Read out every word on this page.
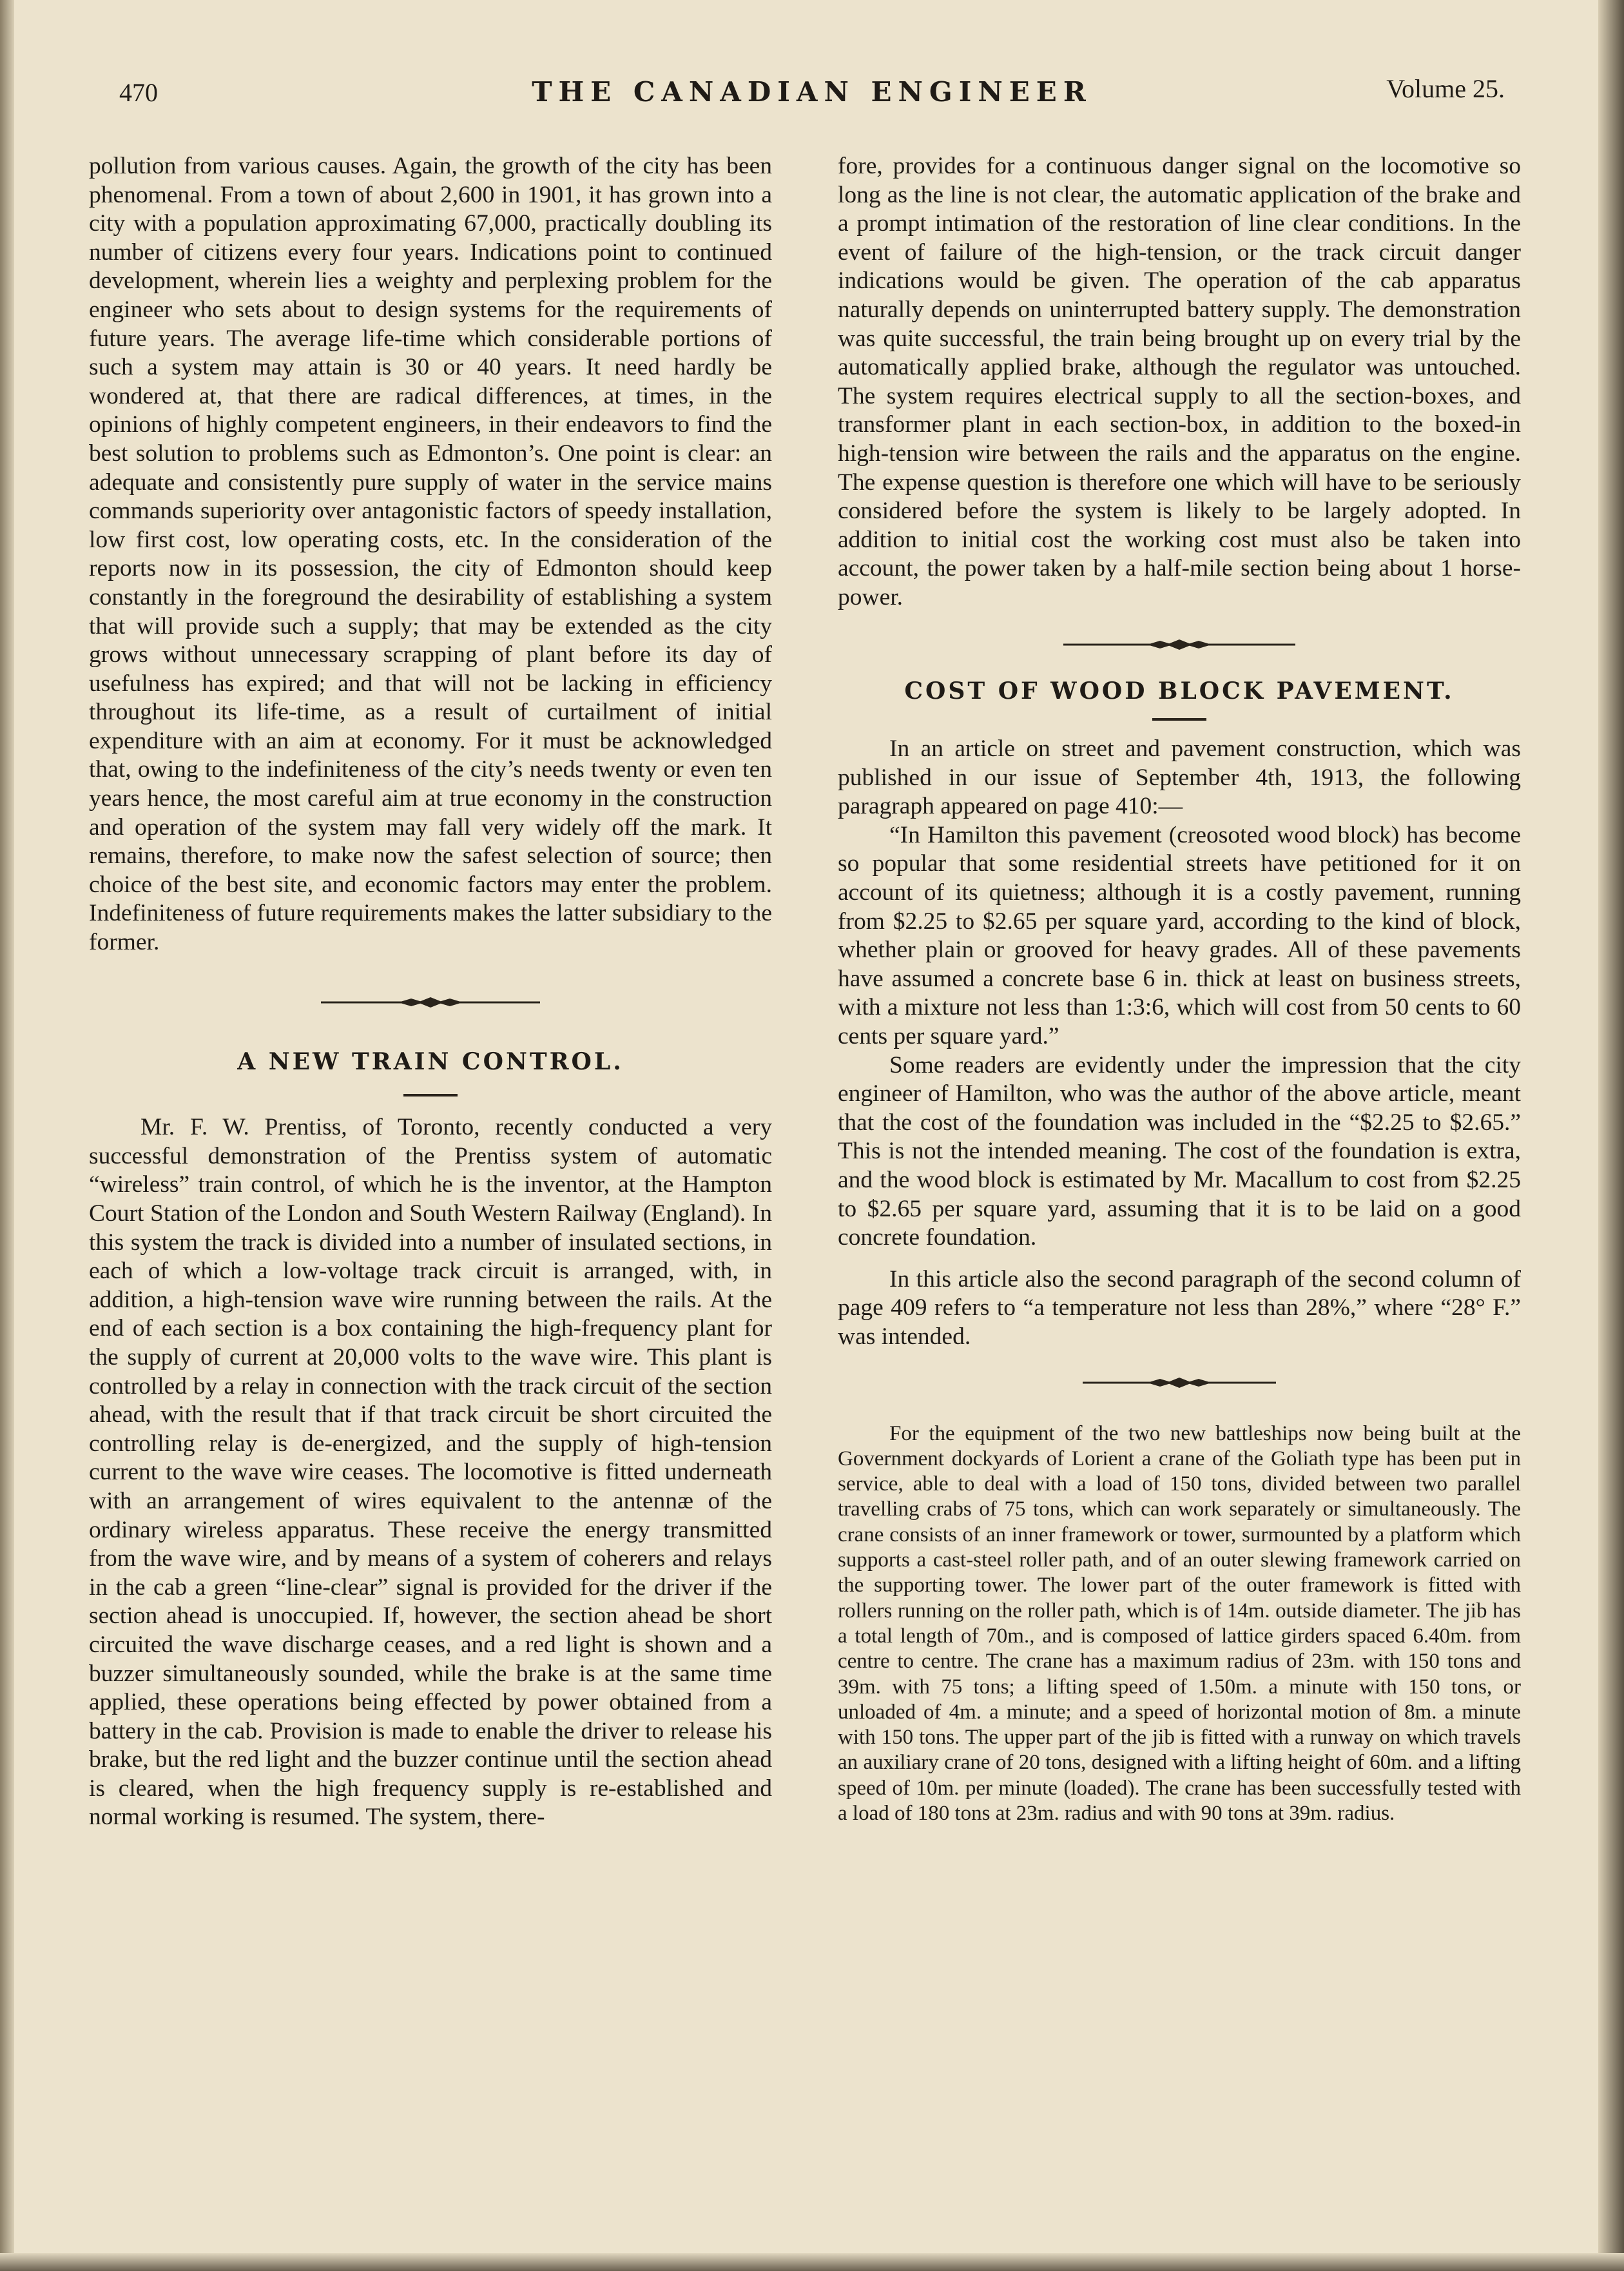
470	THE CANADIAN ENGINEER	Volume 25.

pollution from various causes. Again, the growth of the city has been phenomenal. From a town of about 2,600 in 1901, it has grown into a city with a population approximating 67,000, practically doubling its number of citizens every four years. Indications point to continued development, wherein lies a weighty and perplexing problem for the engineer who sets about to design systems for the requirements of future years. The average life-time which considerable portions of such a system may attain is 30 or 40 years. It need hardly be wondered at, that there are radical differences, at times, in the opinions of highly competent engineers, in their endeavors to find the best solution to problems such as Edmonton’s. One point is clear: an adequate and consistently pure supply of water in the service mains commands superiority over antagonistic factors of speedy installation, low first cost, low operating costs, etc. In the consideration of the reports now in its possession, the city of Edmonton should keep constantly in the foreground the desirability of establishing a system that will provide such a supply; that may be extended as the city grows without unnecessary scrapping of plant before its day of usefulness has expired; and that will not be lacking in efficiency throughout its life-time, as a result of curtailment of initial expenditure with an aim at economy. For it must be acknowledged that, owing to the indefiniteness of the city’s needs twenty or even ten years hence, the most careful aim at true economy in the construction and operation of the system may fall very widely off the mark. It remains, therefore, to make now the safest selection of source; then choice of the best site, and economic factors may enter the problem. Indefiniteness of future requirements makes the latter subsidiary to the former.

A NEW TRAIN CONTROL.

Mr. F. W. Prentiss, of Toronto, recently conducted a very successful demonstration of the Prentiss system of automatic “wireless” train control, of which he is the inventor, at the Hampton Court Station of the London and South Western Railway (England). In this system the track is divided into a number of insulated sections, in each of which a low-voltage track circuit is arranged, with, in addition, a high-tension wave wire running between the rails. At the end of each section is a box containing the high-frequency plant for the supply of current at 20,000 volts to the wave wire. This plant is controlled by a relay in connection with the track circuit of the section ahead, with the result that if that track circuit be short circuited the controlling relay is de-energized, and the supply of high-tension current to the wave wire ceases. The locomotive is fitted underneath with an arrangement of wires equivalent to the antennæ of the ordinary wireless apparatus. These receive the energy transmitted from the wave wire, and by means of a system of coherers and relays in the cab a green “line-clear” signal is provided for the driver if the section ahead is unoccupied. If, however, the section ahead be short circuited the wave discharge ceases, and a red light is shown and a buzzer simultaneously sounded, while the brake is at the same time applied, these operations being effected by power obtained from a battery in the cab. Provision is made to enable the driver to release his brake, but the red light and the buzzer continue until the section ahead is cleared, when the high frequency supply is re-established and normal working is resumed. The system, there-

fore, provides for a continuous danger signal on the locomotive so long as the line is not clear, the automatic application of the brake and a prompt intimation of the restoration of line clear conditions. In the event of failure of the high-tension, or the track circuit danger indications would be given. The operation of the cab apparatus naturally depends on uninterrupted battery supply. The demonstration was quite successful, the train being brought up on every trial by the automatically applied brake, although the regulator was untouched. The system requires electrical supply to all the section-boxes, and transformer plant in each section-box, in addition to the boxed-in high-tension wire between the rails and the apparatus on the engine. The expense question is therefore one which will have to be seriously considered before the system is likely to be largely adopted. In addition to initial cost the working cost must also be taken into account, the power taken by a half-mile section being about 1 horse-power.

COST OF WOOD BLOCK PAVEMENT.

In an article on street and pavement construction, which was published in our issue of September 4th, 1913, the following paragraph appeared on page 410:—

“In Hamilton this pavement (creosoted wood block) has become so popular that some residential streets have petitioned for it on account of its quietness; although it is a costly pavement, running from $2.25 to $2.65 per square yard, according to the kind of block, whether plain or grooved for heavy grades. All of these pavements have assumed a concrete base 6 in. thick at least on business streets, with a mixture not less than 1:3:6, which will cost from 50 cents to 60 cents per square yard.”

Some readers are evidently under the impression that the city engineer of Hamilton, who was the author of the above article, meant that the cost of the foundation was included in the “$2.25 to $2.65.” This is not the intended meaning. The cost of the foundation is extra, and the wood block is estimated by Mr. Macallum to cost from $2.25 to $2.65 per square yard, assuming that it is to be laid on a good concrete foundation.

In this article also the second paragraph of the second column of page 409 refers to “a temperature not less than 28%,” where “28° F.” was intended.

For the equipment of the two new battleships now being built at the Government dockyards of Lorient a crane of the Goliath type has been put in service, able to deal with a load of 150 tons, divided between two parallel travelling crabs of 75 tons, which can work separately or simultaneously. The crane consists of an inner framework or tower, surmounted by a platform which supports a cast-steel roller path, and of an outer slewing framework carried on the supporting tower. The lower part of the outer framework is fitted with rollers running on the roller path, which is of 14m. outside diameter. The jib has a total length of 70m., and is composed of lattice girders spaced 6.40m. from centre to centre. The crane has a maximum radius of 23m. with 150 tons and 39m. with 75 tons; a lifting speed of 1.50m. a minute with 150 tons, or unloaded of 4m. a minute; and a speed of horizontal motion of 8m. a minute with 150 tons. The upper part of the jib is fitted with a runway on which travels an auxiliary crane of 20 tons, designed with a lifting height of 60m. and a lifting speed of 10m. per minute (loaded). The crane has been successfully tested with a load of 180 tons at 23m. radius and with 90 tons at 39m. radius.
